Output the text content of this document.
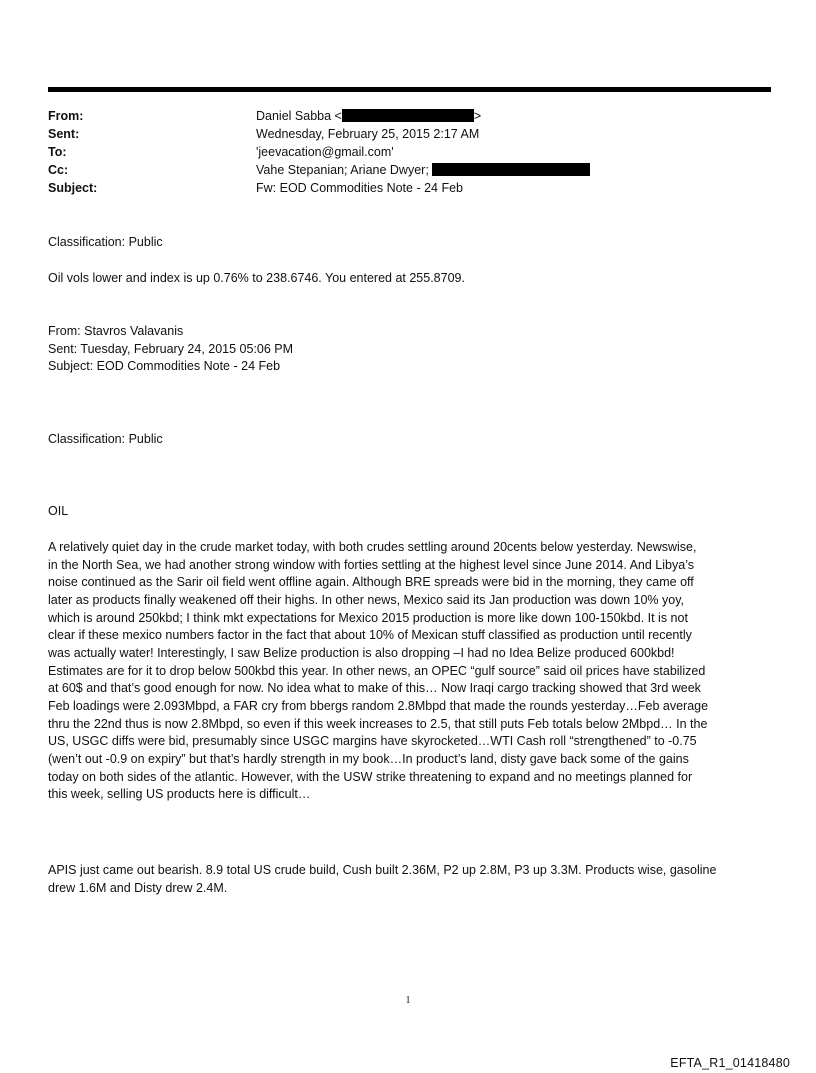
From:	Daniel Sabba <	>
Sent:	Wednesday, February 25, 2015 2:17 AM
To:	'jeevacation@gmail.com'
Cc:	Vahe Stepanian; Ariane Dwyer;
Subject:	Fw: EOD Commodities Note - 24 Feb
Classification: Public
Oil vols lower and index is up 0.76% to 238.6746. You entered at 255.8709.
From: Stavros Valavanis
Sent: Tuesday, February 24, 2015 05:06 PM
Subject: EOD Commodities Note - 24 Feb
Classification: Public
OIL
A relatively quiet day in the crude market today, with both crudes settling around 20cents below yesterday. Newswise,
in the North Sea, we had another strong window with forties settling at the highest level since June 2014. And Libya’s
noise continued as the Sarir oil field went offline again. Although BRE spreads were bid in the morning, they came off
later as products finally weakened off their highs. In other news, Mexico said its Jan production was down 10% yoy,
which is around 250kbd; I think mkt expectations for Mexico 2015 production is more like down 100-150kbd. It is not
clear if these mexico numbers factor in the fact that about 10% of Mexican stuff classified as production until recently
was actually water! Interestingly, I saw Belize production is also dropping –I had no Idea Belize produced 600kbd!
Estimates are for it to drop below 500kbd this year. In other news, an OPEC “gulf source” said oil prices have stabilized
at 60$ and that’s good enough for now. No idea what to make of this… Now Iraqi cargo tracking showed that 3rd week
Feb loadings were 2.093Mbpd, a FAR cry from bbergs random 2.8Mbpd that made the rounds yesterday…Feb average
thru the 22nd thus is now 2.8Mbpd, so even if this week increases to 2.5, that still puts Feb totals below 2Mbpd… In the
US, USGC diffs were bid, presumably since USGC margins have skyrocketed…WTI Cash roll “strengthened” to -0.75
(wen’t out -0.9 on expiry” but that’s hardly strength in my book…In product’s land, disty gave back some of the gains
today on both sides of the atlantic. However, with the USW strike threatening to expand and no meetings planned for
this week, selling US products here is difficult…
APIS just came out bearish. 8.9 total US crude build, Cush built 2.36M, P2 up 2.8M, P3 up 3.3M. Products wise, gasoline
drew 1.6M and Disty drew 2.4M.
1
EFTA_R1_01418480
